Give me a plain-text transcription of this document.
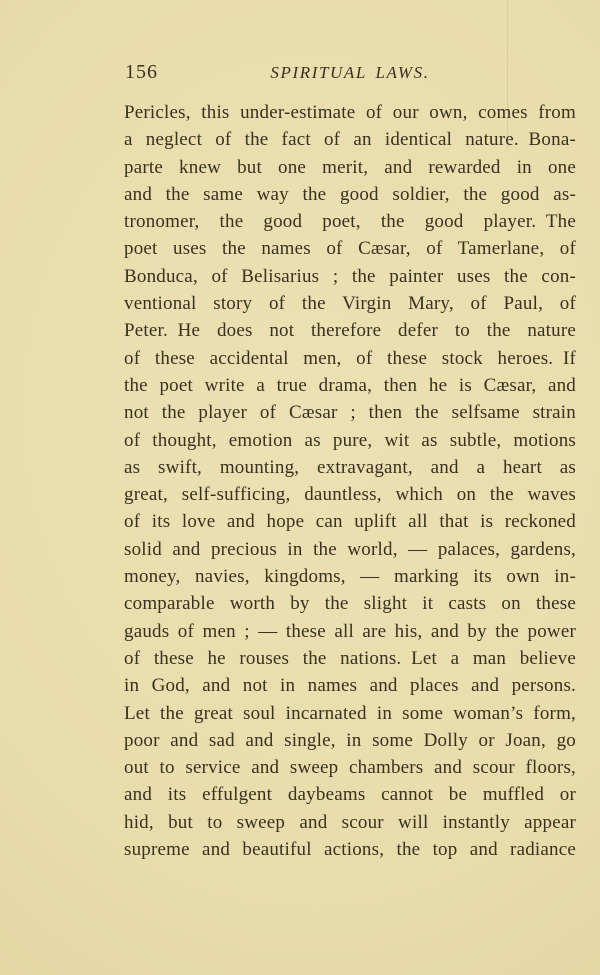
156	SPIRITUAL LAWS.
Pericles, this under-estimate of our own, comes from
a neglect of the fact of an identical nature. Bona-
parte knew but one merit, and rewarded in one
and the same way the good soldier, the good as-
tronomer, the good poet, the good player. The
poet uses the names of Cæsar, of Tamerlane, of
Bonduca, of Belisarius ; the painter uses the con-
ventional story of the Virgin Mary, of Paul, of
Peter. He does not therefore defer to the nature
of these accidental men, of these stock heroes. If
the poet write a true drama, then he is Cæsar, and
not the player of Cæsar ; then the selfsame strain
of thought, emotion as pure, wit as subtle, motions
as swift, mounting, extravagant, and a heart as
great, self-sufficing, dauntless, which on the waves
of its love and hope can uplift all that is reckoned
solid and precious in the world, — palaces, gardens,
money, navies, kingdoms, — marking its own in-
comparable worth by the slight it casts on these
gauds of men ; — these all are his, and by the power
of these he rouses the nations. Let a man believe
in God, and not in names and places and persons.
Let the great soul incarnated in some woman’s form,
poor and sad and single, in some Dolly or Joan, go
out to service and sweep chambers and scour floors,
and its effulgent daybeams cannot be muffled or
hid, but to sweep and scour will instantly appear
supreme and beautiful actions, the top and radiance
